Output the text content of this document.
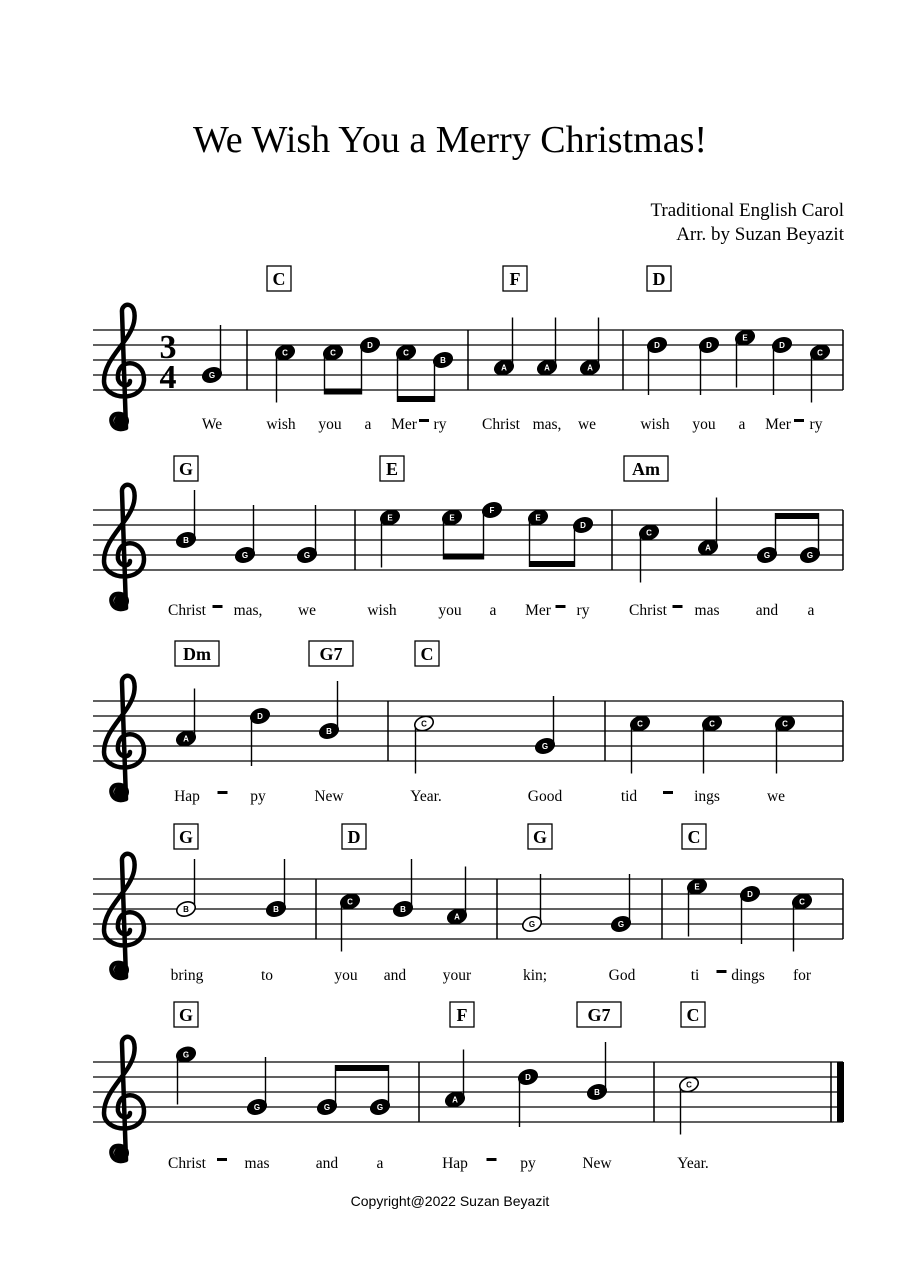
We Wish You a Merry Christmas!
Traditional English Carol
Arr. by Suzan Beyazit
3
4
C	F	D
G
C	C
D
C
B
A	A	A
D	D
E
D
C
We	wish you a Mer ry Christ mas, we	wish you a Mer ry
G	E	Am
B
G	G
E	E
F
E
D
C
A
G	G
Christ mas, we	wish	you a Mer ry	Christ mas and a
Dm	G7	C
A
D
B
C
G
C	C	C
Hap	py	New	Year.	Good	tid	ings	we
G	D	G	C
B	B
C
B
A
G	G
E
D
C
bring	to	you and your	kin;	God	ti dings for
G	F	G7	C
G
G	G	G
A
D
B
C
Christ mas	and a	Hap	py	New	Year.
Copyright@2022 Suzan Beyazit
